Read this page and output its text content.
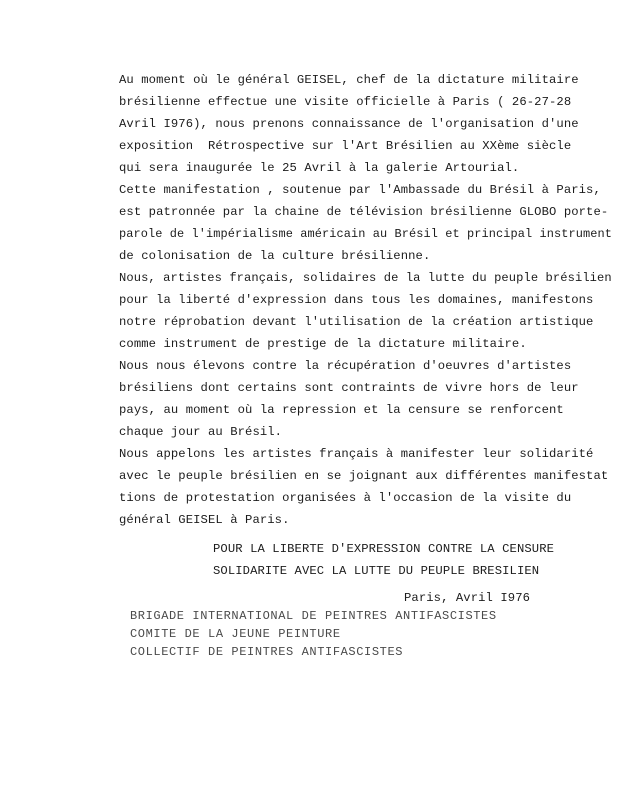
Au moment où le général GEISEL, chef de la dictature militaire
brésilienne effectue une visite officielle à Paris ( 26-27-28
Avril I976), nous prenons connaissance de l'organisation d'une
exposition  Rétrospective sur l'Art Brésilien au XXème siècle
qui sera inaugurée le 25 Avril à la galerie Artourial.
Cette manifestation , soutenue par l'Ambassade du Brésil à Paris,
est patronnée par la chaine de télévision brésilienne GLOBO porte-
parole de l'impérialisme américain au Brésil et principal instrument
de colonisation de la culture brésilienne.
Nous, artistes français, solidaires de la lutte du peuple brésilien
pour la liberté d'expression dans tous les domaines, manifestons
notre réprobation devant l'utilisation de la création artistique
comme instrument de prestige de la dictature militaire.
Nous nous élevons contre la récupération d'oeuvres d'artistes
brésiliens dont certains sont contraints de vivre hors de leur
pays, au moment où la repression et la censure se renforcent
chaque jour au Brésil.
Nous appelons les artistes français à manifester leur solidarité
avec le peuple brésilien en se joignant aux différentes manifestat
tions de protestation organisées à l'occasion de la visite du
général GEISEL à Paris.
POUR LA LIBERTE D'EXPRESSION CONTRE LA CENSURE
SOLIDARITE AVEC LA LUTTE DU PEUPLE BRESILIEN
Paris, Avril I976
BRIGADE INTERNATIONAL DE PEINTRES ANTIFASCISTES
COMITE DE LA JEUNE PEINTURE
COLLECTIF DE PEINTRES ANTIFASCISTES
